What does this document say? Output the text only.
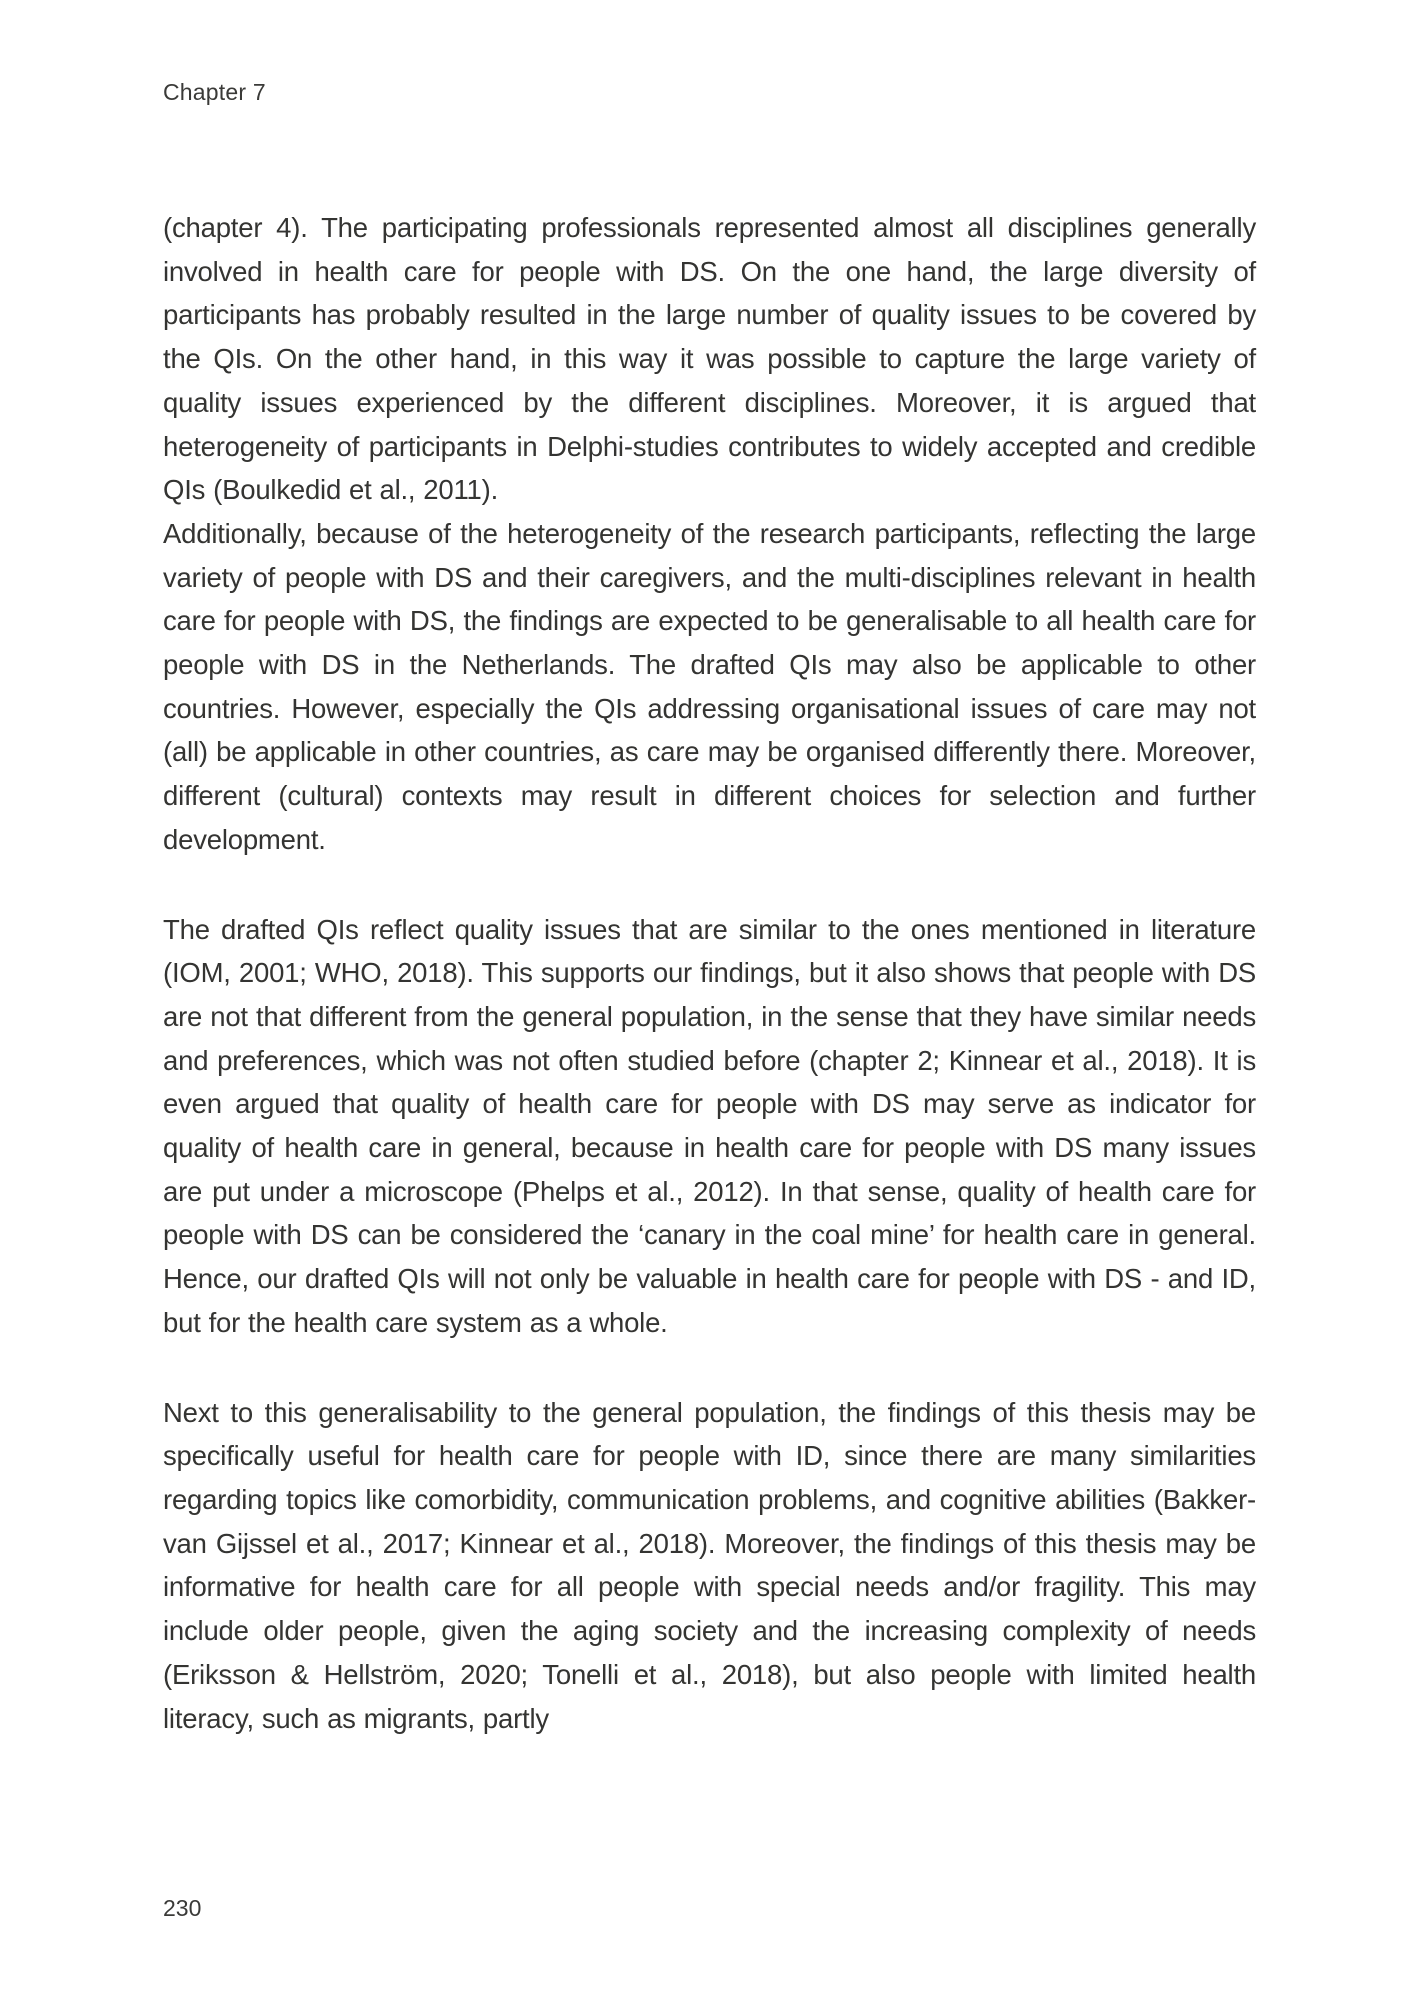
Chapter 7

(chapter 4). The participating professionals represented almost all disciplines generally involved in health care for people with DS. On the one hand, the large diversity of participants has probably resulted in the large number of quality issues to be covered by the QIs. On the other hand, in this way it was possible to capture the large variety of quality issues experienced by the different disciplines. Moreover, it is argued that heterogeneity of participants in Delphi-studies contributes to widely accepted and credible QIs (Boulkedid et al., 2011).

Additionally, because of the heterogeneity of the research participants, reflecting the large variety of people with DS and their caregivers, and the multi-disciplines relevant in health care for people with DS, the findings are expected to be generalisable to all health care for people with DS in the Netherlands. The drafted QIs may also be applicable to other countries. However, especially the QIs addressing organisational issues of care may not (all) be applicable in other countries, as care may be organised differently there. Moreover, different (cultural) contexts may result in different choices for selection and further development.

The drafted QIs reflect quality issues that are similar to the ones mentioned in literature (IOM, 2001; WHO, 2018). This supports our findings, but it also shows that people with DS are not that different from the general population, in the sense that they have similar needs and preferences, which was not often studied before (chapter 2; Kinnear et al., 2018). It is even argued that quality of health care for people with DS may serve as indicator for quality of health care in general, because in health care for people with DS many issues are put under a microscope (Phelps et al., 2012). In that sense, quality of health care for people with DS can be considered the ‘canary in the coal mine’ for health care in general. Hence, our drafted QIs will not only be valuable in health care for people with DS - and ID, but for the health care system as a whole.

Next to this generalisability to the general population, the findings of this thesis may be specifically useful for health care for people with ID, since there are many similarities regarding topics like comorbidity, communication problems, and cognitive abilities (Bakker-van Gijssel et al., 2017; Kinnear et al., 2018). Moreover, the findings of this thesis may be informative for health care for all people with special needs and/or fragility. This may include older people, given the aging society and the increasing complexity of needs (Eriksson & Hellström, 2020; Tonelli et al., 2018), but also people with limited health literacy, such as migrants, partly

230
